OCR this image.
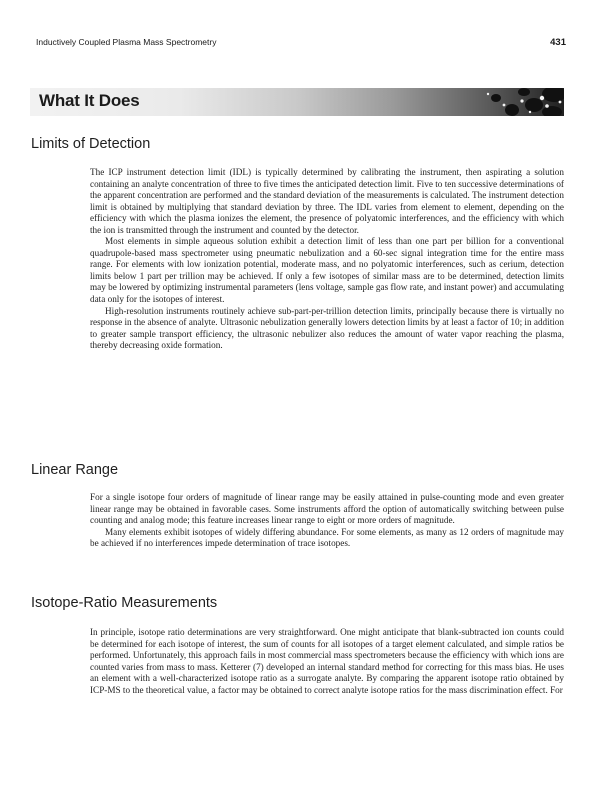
Inductively Coupled Plasma Mass Spectrometry	431
What It Does
Limits of Detection

The ICP instrument detection limit (IDL) is typically determined by calibrating the instrument, then aspirating a solution containing an analyte concentration of three to five times the anticipated detection limit. Five to ten successive determinations of the apparent concentration are performed and the standard deviation of the measurements is calculated. The instrument detection limit is obtained by multiplying that standard deviation by three. The IDL varies from element to element, depending on the efficiency with which the plasma ionizes the element, the presence of polyatomic interferences, and the efficiency with which the ion is transmitted through the instrument and counted by the detector.

Most elements in simple aqueous solution exhibit a detection limit of less than one part per billion for a conventional quadrupole-based mass spectrometer using pneumatic nebulization and a 60-sec signal integration time for the entire mass range. For elements with low ionization potential, moderate mass, and no polyatomic interferences, such as cerium, detection limits below 1 part per trillion may be achieved. If only a few isotopes of similar mass are to be determined, detection limits may be lowered by optimizing instrumental parameters (lens voltage, sample gas flow rate, and instant power) and accumulating data only for the isotopes of interest.

High-resolution instruments routinely achieve sub-part-per-trillion detection limits, principally because there is virtually no response in the absence of analyte. Ultrasonic nebulization generally lowers detection limits by at least a factor of 10; in addition to greater sample transport efficiency, the ultrasonic nebulizer also reduces the amount of water vapor reaching the plasma, thereby decreasing oxide formation.

Linear Range

For a single isotope four orders of magnitude of linear range may be easily attained in pulse-counting mode and even greater linear range may be obtained in favorable cases. Some instruments afford the option of automatically switching between pulse counting and analog mode; this feature increases linear range to eight or more orders of magnitude.

Many elements exhibit isotopes of widely differing abundance. For some elements, as many as 12 orders of magnitude may be achieved if no interferences impede determination of trace isotopes.

Isotope-Ratio Measurements

In principle, isotope ratio determinations are very straightforward. One might anticipate that blank-subtracted ion counts could be determined for each isotope of interest, the sum of counts for all isotopes of a target element calculated, and simple ratios be performed. Unfortunately, this approach fails in most commercial mass spectrometers because the efficiency with which ions are counted varies from mass to mass. Ketterer (7) developed an internal standard method for correcting for this mass bias. He uses an element with a well-characterized isotope ratio as a surrogate analyte. By comparing the apparent isotope ratio obtained by ICP-MS to the theoretical value, a factor may be obtained to correct analyte isotope ratios for the mass discrimination effect. For
